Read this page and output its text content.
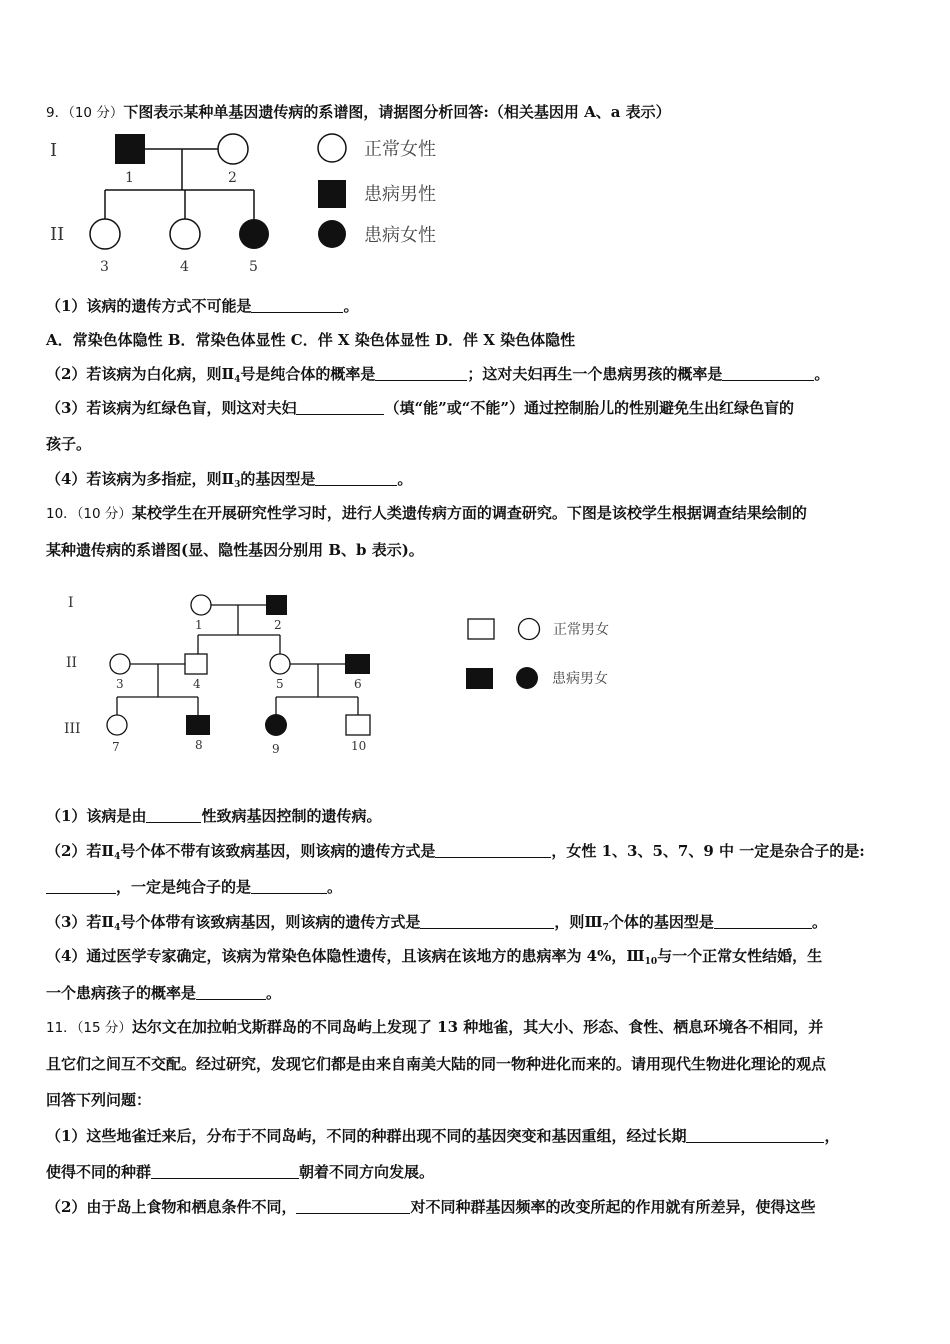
9．（10 分）下图表示某种单基因遗传病的系谱图，请据图分析回答:（相关基因用 A、a 表示）
I
II
1	2
3	4	5
正常女性
患病男性
患病女性
（1）该病的遗传方式不可能是	。
A．常染色体隐性 B．常染色体显性 C．伴 X 染色体显性 D．伴 X 染色体隐性
（2）若该病为白化病，则$Ⅱ_4$号是纯合体的概率是	；这对夫妇再生一个患病男孩的概率是	。
（3）若该病为红绿色盲，则这对夫妇	（填“能”或“不能”）通过控制胎儿的性别避免生出红绿色盲的
孩子。
（4）若该病为多指症，则$Ⅱ_3$的基因型是	。
10．（10 分）某校学生在开展研究性学习时，进行人类遗传病方面的调查研究。下图是该校学生根据调查结果绘制的
某种遗传病的系谱图(显、隐性基因分别用 B、b 表示)。
I
II
III
1	2
3	4	5	6
7	8	9	10
正常男女
患病男女
（1）该病是由	性致病基因控制的遗传病。
（2）若$Ⅱ_4$号个体不带有该致病基因，则该病的遗传方式是	，女性 1、3、5、7、9 中 一定是杂合子的是:
，一定是纯合子的是	。
（3）若$Ⅱ_4$号个体带有该致病基因，则该病的遗传方式是	，则$Ⅲ_7$个体的基因型是	。
（4）通过医学专家确定，该病为常染色体隐性遗传，且该病在该地方的患病率为 4%，$Ⅲ_{10}$与一个正常女性结婚，生
一个患病孩子的概率是	。
11．（15 分）达尔文在加拉帕戈斯群岛的不同岛屿上发现了 13 种地雀，其大小、形态、食性、栖息环境各不相同，并
且它们之间互不交配。经过研究，发现它们都是由来自南美大陆的同一物种进化而来的。请用现代生物进化理论的观点
回答下列问题：
（1）这些地雀迁来后，分布于不同岛屿，不同的种群出现不同的基因突变和基因重组，经过长期	，
使得不同的种群	朝着不同方向发展。
（2）由于岛上食物和栖息条件不同，	对不同种群基因频率的改变所起的作用就有所差异，使得这些
